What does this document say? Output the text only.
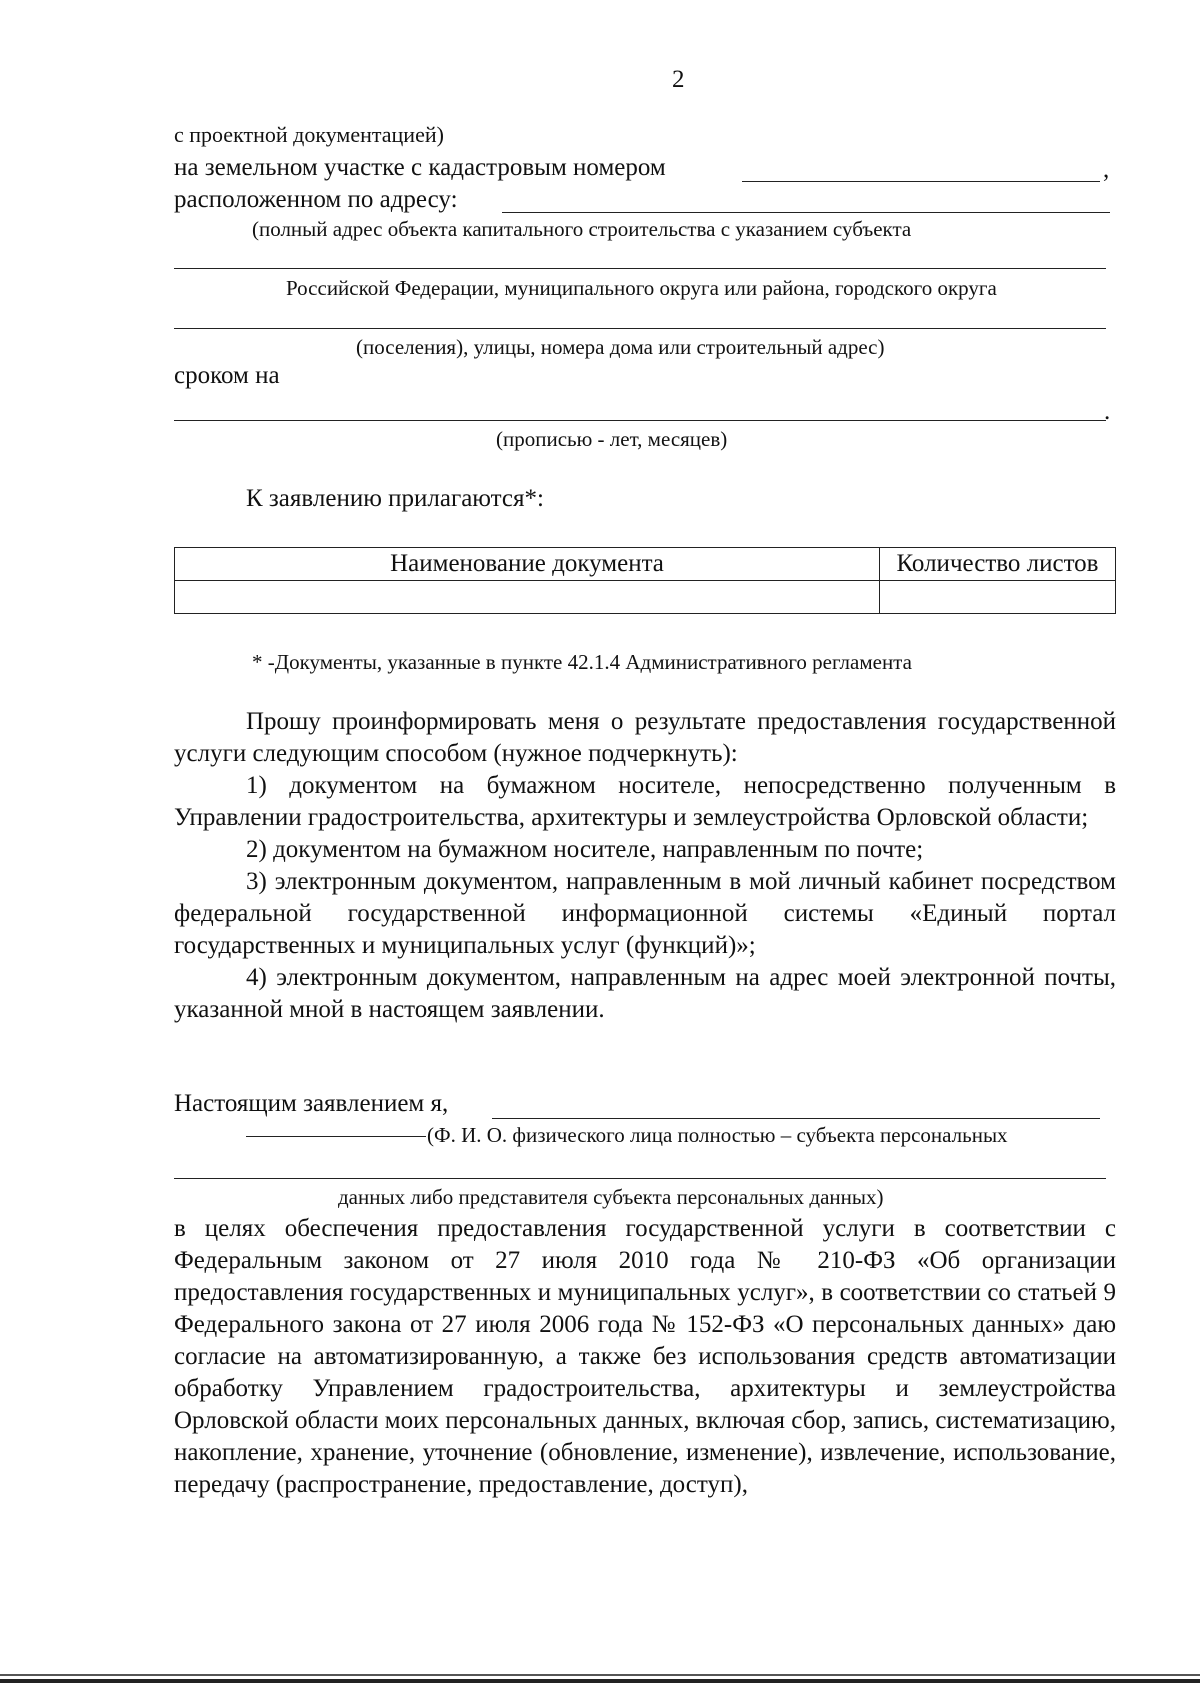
2
с проектной документацией)
на земельном участке с кадастровым номером	,
расположенном по адресу:
(полный адрес объекта капитального строительства с указанием субъекта
Российской Федерации, муниципального округа или района, городского округа
(поселения), улицы, номера дома или строительный адрес)
сроком на
.
(прописью - лет, месяцев)
К заявлению прилагаются*:
Наименование документа	Количество листов

* -Документы, указанные в пункте 42.1.4 Административного регламента

Прошу проинформировать меня о результате предоставления государственной услуги следующим способом (нужное подчеркнуть):

1) документом на бумажном носителе, непосредственно полученным в Управлении градостроительства, архитектуры и землеустройства Орловской области;

2) документом на бумажном носителе, направленным по почте;

3) электронным документом, направленным в мой личный кабинет посредством федеральной государственной информационной системы «Единый портал государственных и муниципальных услуг (функций)»;

4) электронным документом, направленным на адрес моей электронной почты, указанной мной в настоящем заявлении.

Настоящим заявлением я,
(Ф. И. О. физического лица полностью – субъекта персональных
данных либо представителя субъекта персональных данных)

в целях обеспечения предоставления государственной услуги в соответствии с Федеральным законом от 27 июля 2010 года № 210-ФЗ «Об организации предоставления государственных и муниципальных услуг», в соответствии со статьей 9 Федерального закона от 27 июля 2006 года № 152-ФЗ «О персональных данных» даю согласие на автоматизированную, а также без использования средств автоматизации обработку Управлением градостроительства, архитектуры и землеустройства Орловской области моих персональных данных, включая сбор, запись, систематизацию, накопление, хранение, уточнение (обновление, изменение), извлечение, использование, передачу (распространение, предоставление, доступ),
